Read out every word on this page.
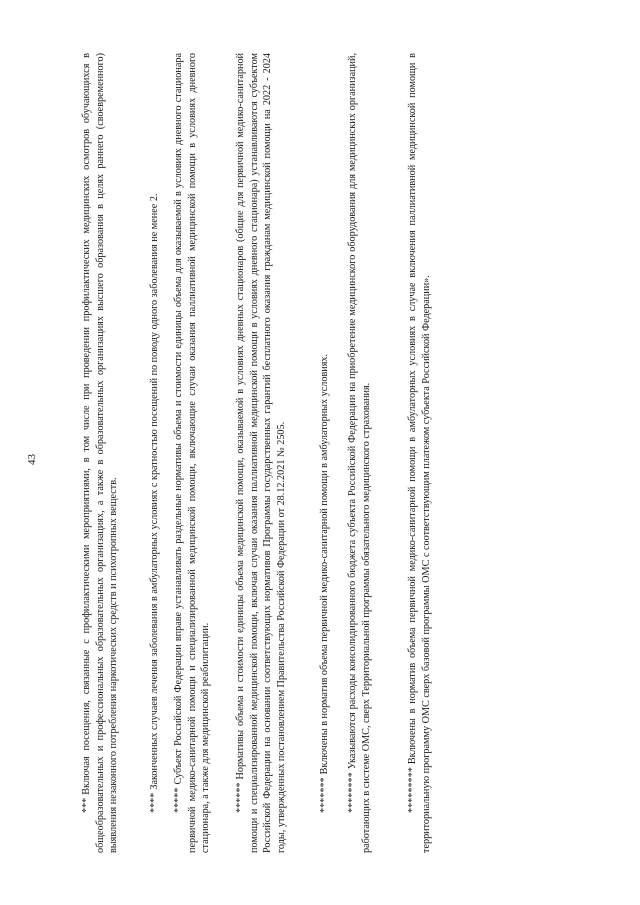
43
***Включая посещения, связанные с профилактическими мероприятиями, в том числе при проведении профилактических медицинских осмотров обучающихся в общеобразовательных и профессиональных образовательных организациях, а также в образовательных организациях высшего образования в целях раннего (своевременного) выявления незаконного потребления наркотических средств и психотропных веществ.	****Законченных случаев лечения заболевания в амбулаторных условиях с кратностью посещений по поводу одного заболевания не менее 2.
*****Субъект Российской Федерации вправе устанавливать раздельные нормативы объема и стоимости единицы объема для оказываемой в условиях дневного стационара первичной медико-санитарной помощи и специализированной медицинской помощи, включающие случаи оказания паллиативной медицинской помощи в условиях дневного стационара, а также для медицинской реабилитации. ******Нормативы объема и стоимости единицы объема медицинской помощи, оказываемой в условиях дневных стационаров (общие для первичной медико-санитарной помощи и специализированной медицинской помощи, включая случаи оказания паллиативной медицинской помощи в условиях дневного стационара) устанавливаются субъектом Российской Федерации на основании соответствующих нормативов Программы государственных гарантий бесплатного оказания гражданам медицинской помощи на 2022 - 2024 годы, утвержденных постановлением Правительства Российской Федерации от 28.12.2021 № 2505.	*******Включены в норматив объема первичной медико-санитарной помощи в амбулаторных условиях.
********Указываются расходы консолидированного бюджета субъекта Российской Федерации на приобретение медицинского оборудования для медицинских организаций, работающих в системе ОМС, сверх Территориальной программы обязательного медицинского страхования.	*********Включены в норматив объема первичной медико-санитарной помощи в амбулаторных условиях в случае включения паллиативной медицинской помощи в территориальную программу ОМС сверх базовой программы ОМС с соответствующим платежом субъекта Российской Федерации».
